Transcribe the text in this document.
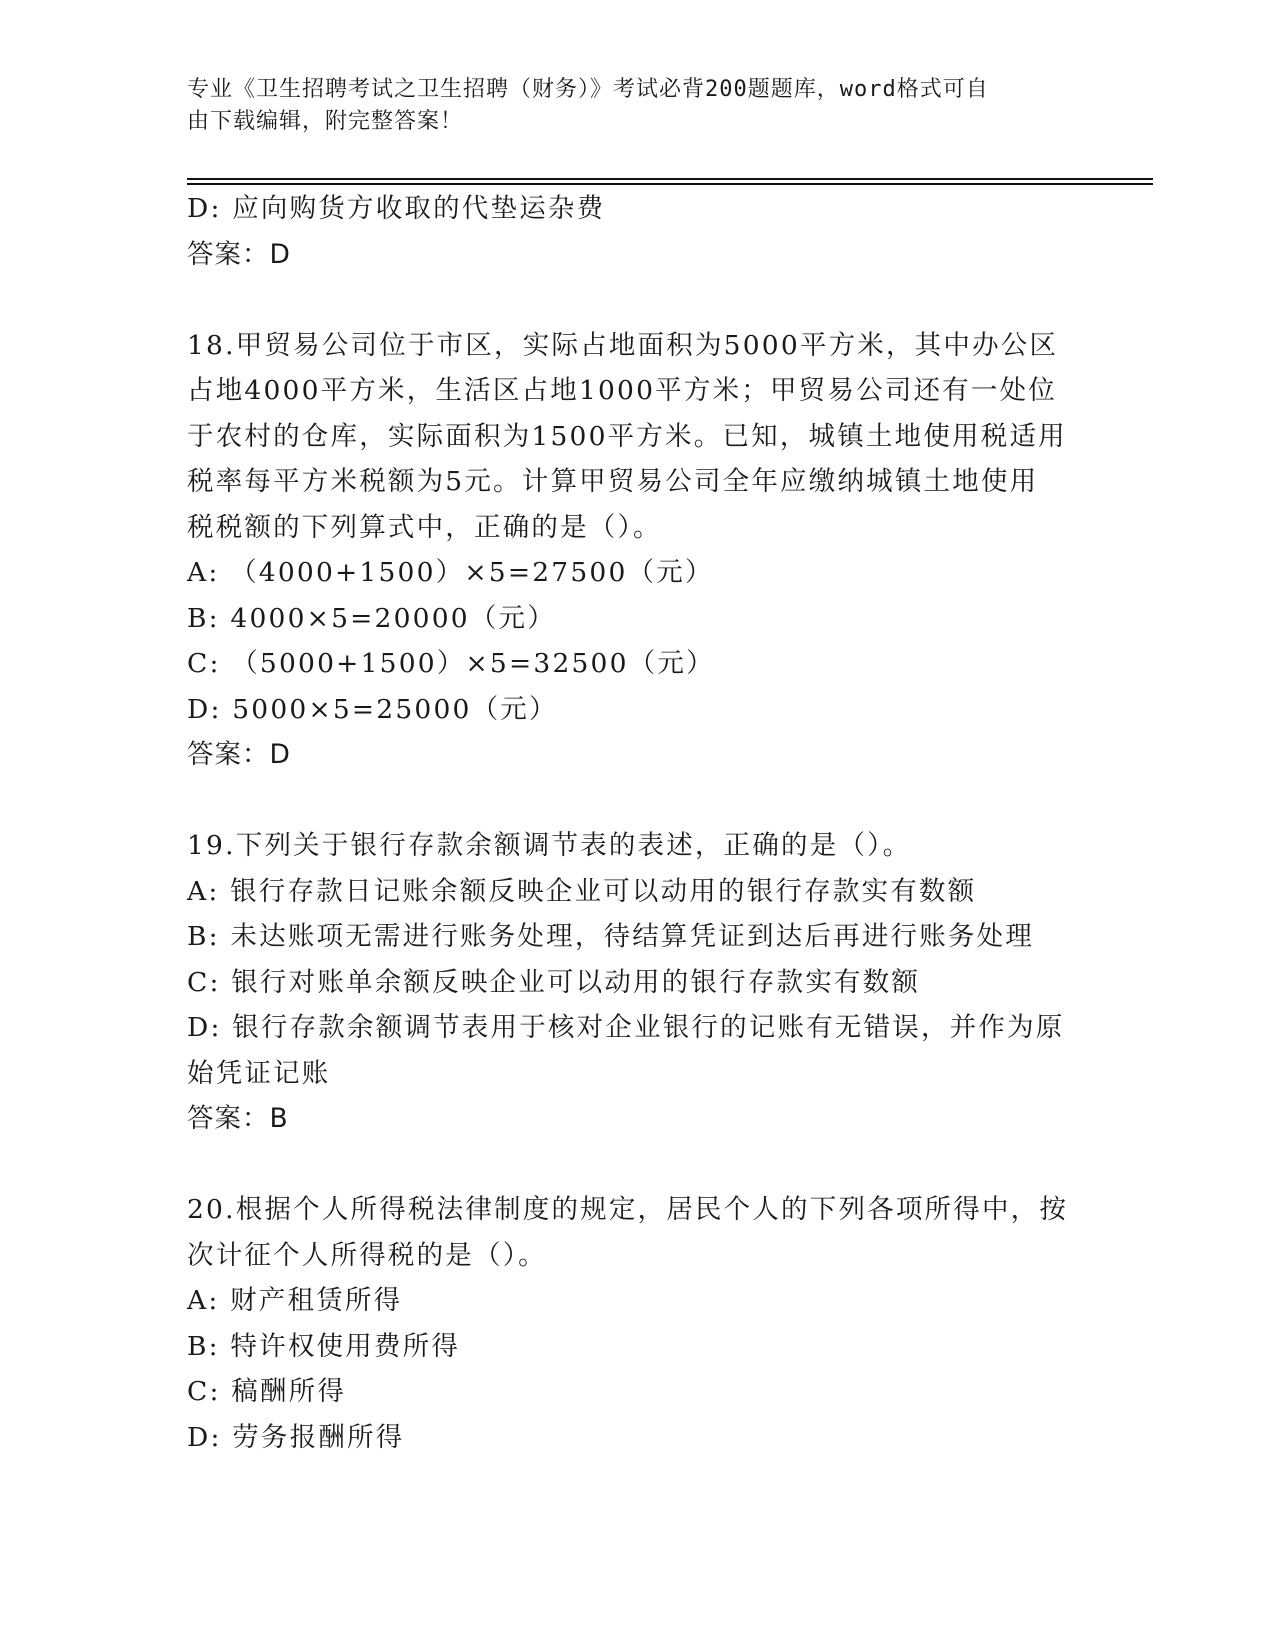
专业《卫生招聘考试之卫生招聘（财务）》考试必背200题题库，word格式可自
由下载编辑，附完整答案！
D: 应向购货方收取的代垫运杂费
答案：D
18.甲贸易公司位于市区，实际占地面积为5000平方米，其中办公区
占地4000平方米，生活区占地1000平方米；甲贸易公司还有一处位
于农村的仓库，实际面积为1500平方米。已知，城镇土地使用税适用
税率每平方米税额为5元。计算甲贸易公司全年应缴纳城镇土地使用
税税额的下列算式中，正确的是（）。
A: （4000+1500）×5=27500（元）
B: 4000×5=20000（元）
C: （5000+1500）×5=32500（元）
D: 5000×5=25000（元）
答案：D
19.下列关于银行存款余额调节表的表述，正确的是（）。
A: 银行存款日记账余额反映企业可以动用的银行存款实有数额
B: 未达账项无需进行账务处理，待结算凭证到达后再进行账务处理
C: 银行对账单余额反映企业可以动用的银行存款实有数额
D: 银行存款余额调节表用于核对企业银行的记账有无错误，并作为原
始凭证记账
答案：B
20.根据个人所得税法律制度的规定，居民个人的下列各项所得中，按
次计征个人所得税的是（）。
A: 财产租赁所得
B: 特许权使用费所得
C: 稿酬所得
D: 劳务报酬所得
